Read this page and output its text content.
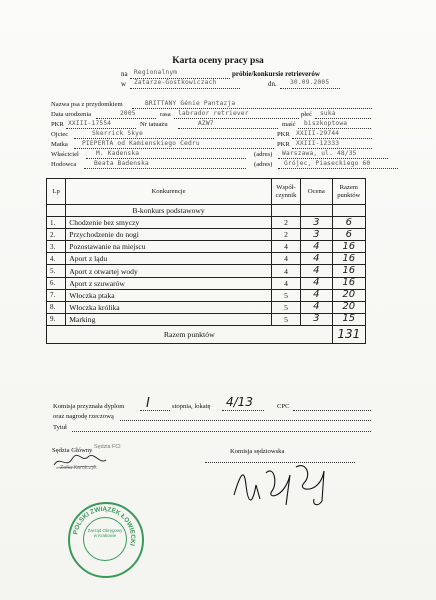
Karta oceny pracy psa
na Regionalnym	próbie/konkursie retrieverów
w Zatarze-Gostkowiczach	dn. 30.09.2005
Nazwa psa z przydomkiem	BRITTANY Génie Pantazja
Data urodzenia	2005	rasa labrador retriever	płeć suka
PKR XXIII-17554	Nr tatuażu	AZW7	maść biszkoptowa
Ojciec	Skerrick Skye	PKR XXIII-29744
Matka PIEPERTA od Kamienskiego Cedru	PKR XXIII-12333
Właściciel	M. Kadenska	(adres) Warszawa, ul. 48/35
Hodowca	Beata Badenska	(adres) Grójec, Piaseckiego 60
Lp	Konkurencje	Współ-czynnik	Ocena	Razem punktów
	B-konkurs podstawowy			
1.	Chodzenie bez smyczy	2	3	6
2.	Przychodzenie do nogi	2	3	6
3.	Pozostawanie na miejscu	4	4	16
4.	Aport z lądu	4	4	16
5.	Aport z otwartej wody	4	4	16
6.	Aport z szuwarów	4	4	16
7.	Włoczka ptaka	5	4	20
8.	Włoczka królika	5	4	20
9.	Marking	5	3	15
Razem punktów				131
Komisja przyznała dyplom I	stopnia, lokatę 4/13	CPC
oraz nagrodę rzeczową
Tytuł
Sędzia Główny Sędzia FCI
Zofia Karolczyk
Komisja sędziowska
POLSKI ZWIĄZEK ŁOWIECKI
Zarząd Okręgowy w Krakowie
